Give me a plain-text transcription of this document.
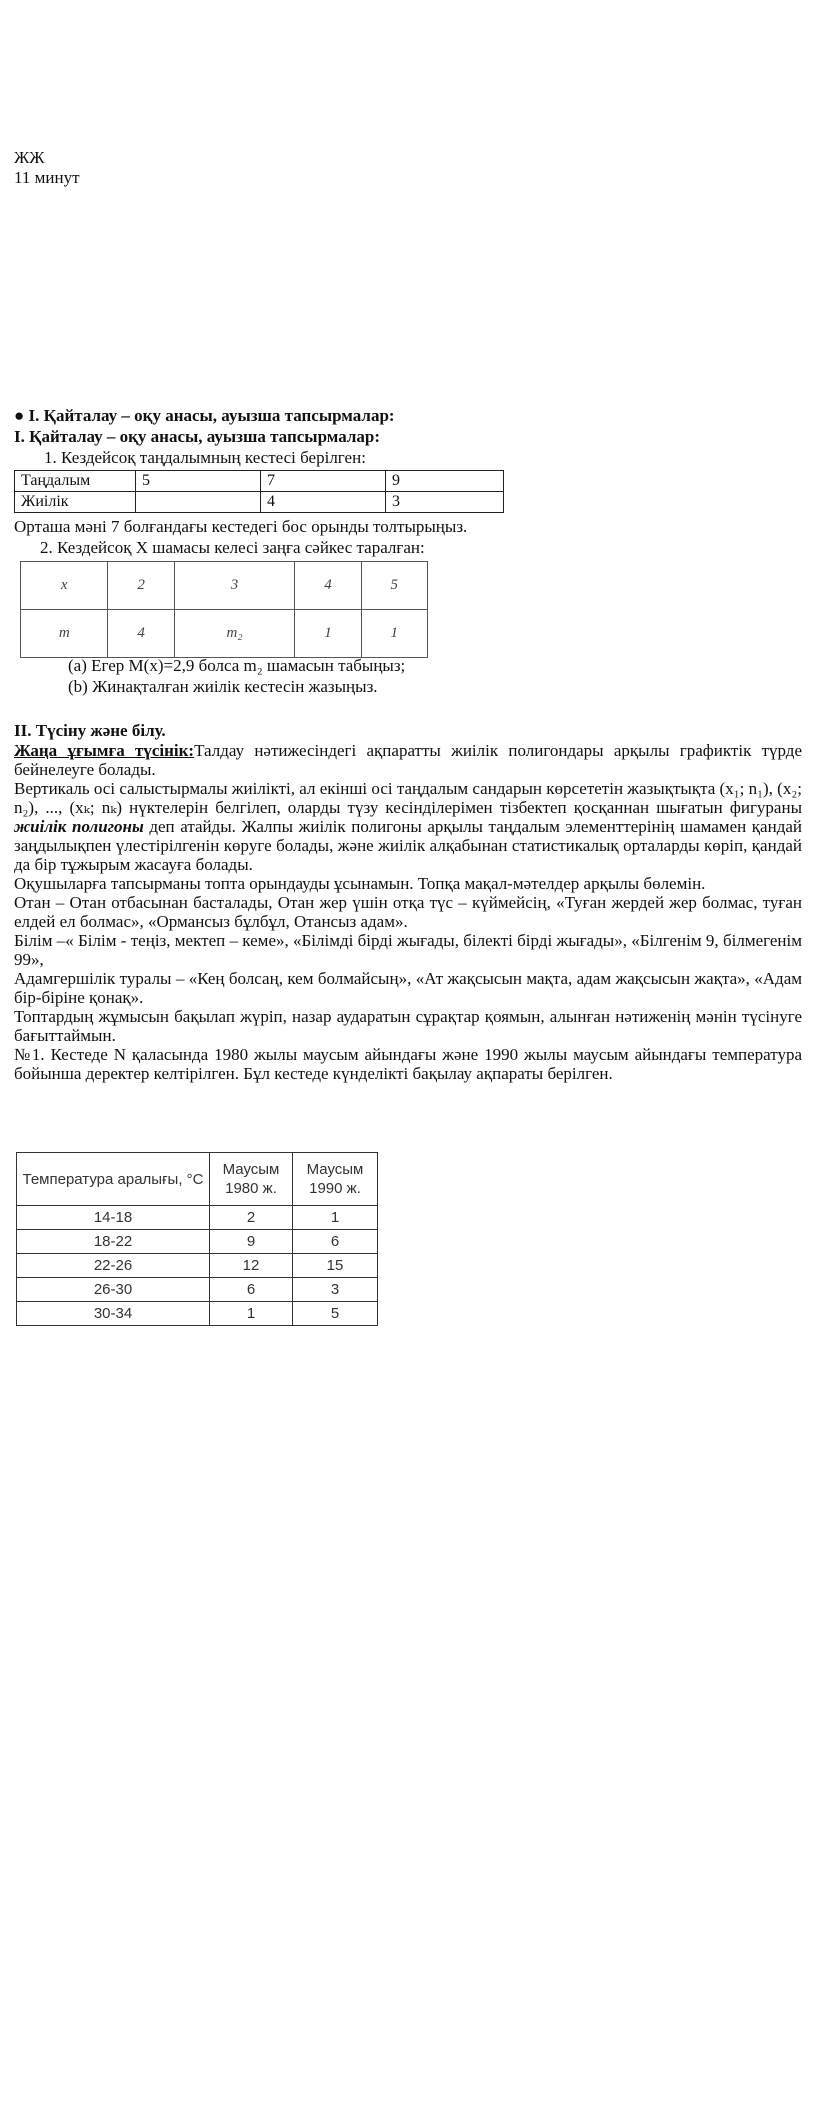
ЖЖ
11 минут
● I. Қайталау – оқу анасы, ауызша тапсырмалар:
I. Қайталау – оқу анасы, ауызша тапсырмалар:
1. Кездейсоқ таңдалымның кестесі берілген:
Таңдалым	5	7	9
Жиілік		4	3
Орташа мәні 7 болғандағы кестедегі бос орынды толтырыңыз.
2. Кездейсоқ X шамасы келесі заңға сәйкес таралған:
x	2	3	4	5
m	4	m₂	1	1
(a) Егер M(x)=2,9 болса m₂ шамасын табыңыз;
(b) Жинақталған жиілік кестесін жазыңыз.
II. Түсіну және білу.

Жаңа ұғымға түсінік:Талдау нәтижесіндегі ақпаратты жиілік полигондары арқылы графиктік түрде бейнелеуге болады.

Вертикаль осі салыстырмалы жиілікті, ал екінші осі таңдалым сандарын көрсететін жазықтықта (x₁; n₁), (x₂; n₂), ..., (xₖ; nₖ) нүктелерін белгілеп, оларды түзу кесінділерімен тізбектеп қосқаннан шығатын фигураны жиілік полигоны деп атайды. Жалпы жиілік полигоны арқылы таңдалым элементтерінің шамамен қандай заңдылықпен үлестірілгенін көруге болады, және жиілік алқабынан статистикалық орталарды көріп, қандай да бір тұжырым жасауға болады.

Оқушыларға тапсырманы топта орындауды ұсынамын. Топқа мақал-мәтелдер арқылы бөлемін.

Отан – Отан отбасынан басталады, Отан жер үшін отқа түс – күймейсің, «Туған жердей жер болмас, туған елдей ел болмас», «Ормансыз бұлбұл, Отансыз адам».

Білім –« Білім - теңіз, мектеп – кеме», «Білімді бірді жығады, білекті бірді жығады», «Білгенім 9, білмегенім 99»,

Адамгершілік туралы – «Кең болсаң, кем болмайсың», «Ат жақсысын мақта, адам жақсысын жақта», «Адам бір-біріне қонақ».

Топтардың жұмысын бақылап жүріп, назар аударатын сұрақтар қоямын, алынған нәтиженің мәнін түсінуге бағыттаймын.

№1. Кестеде N қаласында 1980 жылы маусым айындағы және 1990 жылы маусым айындағы температура бойынша деректер келтірілген. Бұл кестеде күнделікті бақылау ақпараты берілген.

Температура аралығы, °C	Маусым 1980 ж.	Маусым 1990 ж.
14-18	2	1
18-22	9	6
22-26	12	15
26-30	6	3
30-34	1	5
